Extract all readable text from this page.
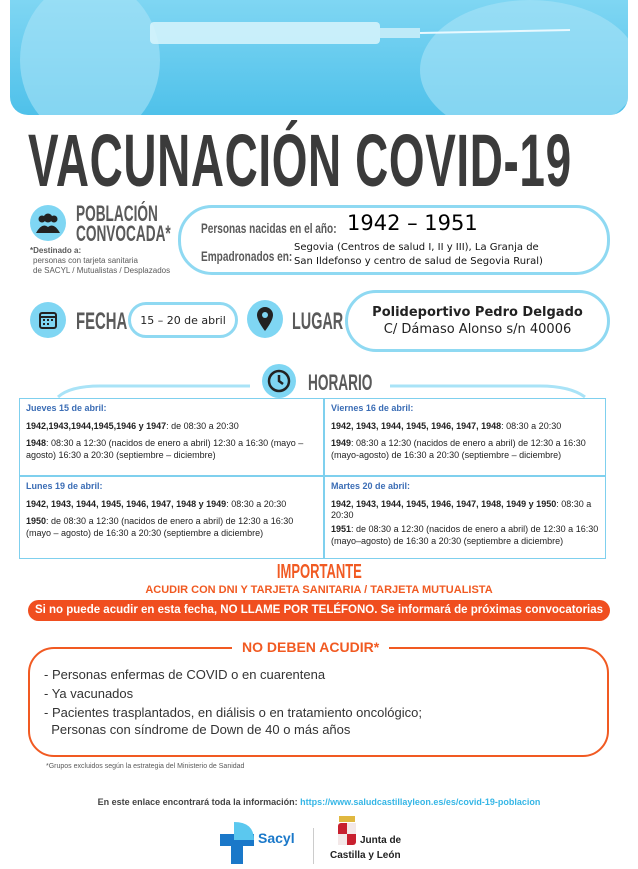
VACUNACIÓN COVID-19
POBLACIÓN
CONVOCADA*
*Destinado a:
personas con tarjeta sanitaria
de SACYL / Mutualistas / Desplazados
Personas nacidas en el año: 1942 – 1951
Empadronados en:
Segovia (Centros de salud I, II y III), La Granja de
San Ildefonso y centro de salud de Segovia Rural)
FECHA	15 – 20 de abril	LUGAR	Polideportivo Pedro Delgado
C/ Dámaso Alonso s/n 40006
HORARIO
Jueves 15 de abril:

1942,1943,1944,1945,1946 y 1947: de 08:30 a 20:30

1948: 08:30 a 12:30 (nacidos de enero a abril) 12:30 a 16:30 (mayo – agosto) 16:30 a 20:30 (septiembre – diciembre)

Viernes 16 de abril:

1942, 1943, 1944, 1945, 1946, 1947, 1948: 08:30 a 20:30

1949: 08:30 a 12:30 (nacidos de enero a abril) de 12:30 a 16:30 (mayo-agosto) de 16:30 a 20:30 (septiembre – diciembre)

Lunes 19 de abril:

1942, 1943, 1944, 1945, 1946, 1947, 1948 y 1949: 08:30 a 20:30

1950: de 08:30 a 12:30 (nacidos de enero a abril) de 12:30 a 16:30 (mayo – agosto) de 16:30 a 20:30 (septiembre a diciembre)

Martes 20 de abril:

1942, 1943, 1944, 1945, 1946, 1947, 1948, 1949 y 1950: 08:30 a 20:30

1951: de 08:30 a 12:30 (nacidos de enero a abril) de 12:30 a 16:30 (mayo–agosto) de 16:30 a 20:30 (septiembre a diciembre)

IMPORTANTE
ACUDIR CON DNI Y TARJETA SANITARIA / TARJETA MUTUALISTA
Si no puede acudir en esta fecha, NO LLAME POR TELÉFONO. Se informará de próximas convocatorias
NO DEBEN ACUDIR*
- Personas enfermas de COVID o en cuarentena
- Ya vacunados
- Pacientes trasplantados, en diálisis o en tratamiento oncológico;
Personas con síndrome de Down de 40 o más años
*Grupos excluidos según la estrategia del Ministerio de Sanidad
En este enlace encontrará toda la información: https://www.saludcastillayleon.es/es/covid-19-poblacion
Sacyl	Junta de
Castilla y León
